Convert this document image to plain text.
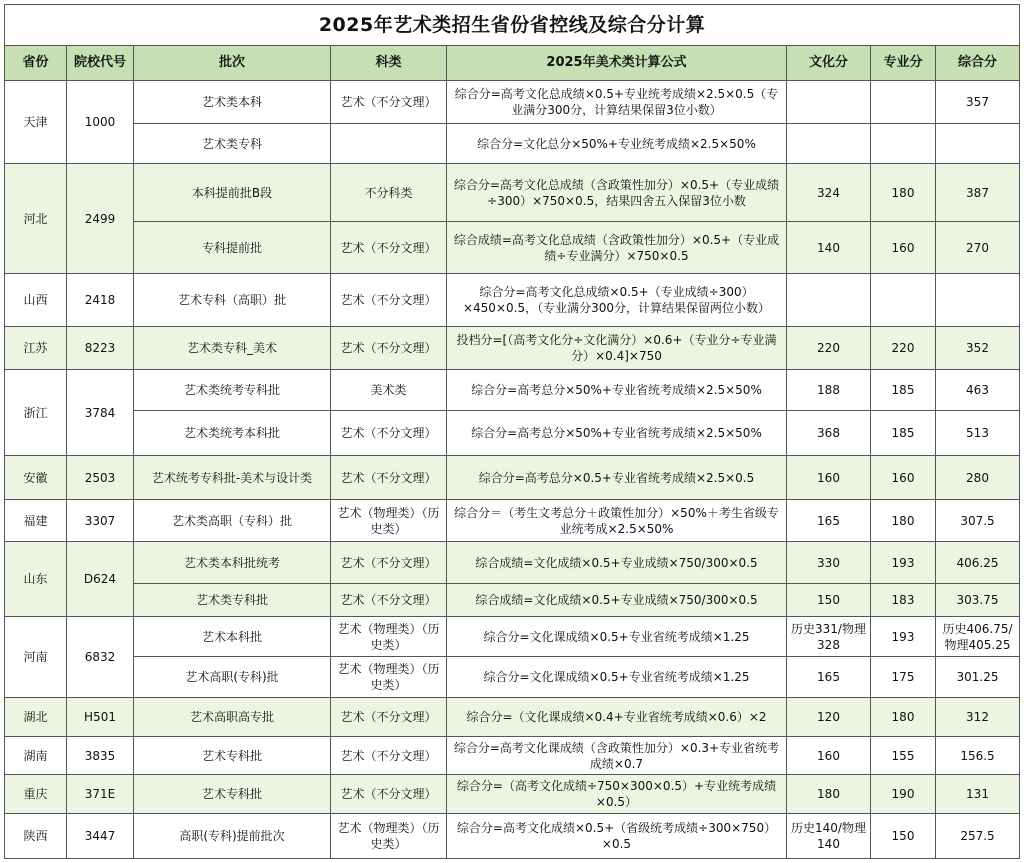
2025年艺术类招生省份省控线及综合分计算							
省份	院校代号	批次	科类	2025年美术类计算公式	文化分	专业分	综合分
天津	1000	艺术类本科	艺术（不分文理）	综合分=高考文化总成绩×0.5+专业统考成绩×2.5×0.5（专业满分300分，计算结果保留3位小数）			357
		艺术类专科		综合分=文化总分×50%+专业统考成绩×2.5×50%			
河北	2499	本科提前批B段	不分科类	综合分=高考文化总成绩（含政策性加分）×0.5+（专业成绩÷300）×750×0.5，结果四舍五入保留3位小数	324	180	387
		专科提前批	艺术（不分文理）	综合成绩=高考文化总成绩（含政策性加分）×0.5+（专业成绩÷专业满分）×750×0.5	140	160	270
山西	2418	艺术专科（高职）批	艺术（不分文理）	综合分=高考文化总成绩×0.5+（专业成绩÷300）×450×0.5，（专业满分300分，计算结果保留两位小数）			
江苏	8223	艺术类专科_美术	艺术（不分文理）	投档分=[（高考文化分÷文化满分）×0.6+（专业分÷专业满分）×0.4]×750	220	220	352
浙江	3784	艺术类统考专科批	美术类	综合分=高考总分×50%+专业省统考成绩×2.5×50%	188	185	463
		艺术类统考本科批	艺术（不分文理）	综合分=高考总分×50%+专业省统考成绩×2.5×50%	368	185	513
安徽	2503	艺术统考专科批-美术与设计类	艺术（不分文理）	综合分=高考总分×0.5+专业省统考成绩×2.5×0.5	160	160	280
福建	3307	艺术类高职（专科）批	艺术（物理类）（历史类）	综合分＝（考生文考总分＋政策性加分）×50%＋考生省级专业统考成×2.5×50%	165	180	307.5
山东	D624	艺术类本科批统考	艺术（不分文理）	综合成绩=文化成绩×0.5+专业成绩×750/300×0.5	330	193	406.25
		艺术类专科批	艺术（不分文理）	综合成绩=文化成绩×0.5+专业成绩×750/300×0.5	150	183	303.75
河南	6832	艺术本科批	艺术（物理类）（历史类）	综合分=文化课成绩×0.5+专业省统考成绩×1.25	历史331/物理328	193	历史406.75/物理405.25
		艺术高职(专科)批	艺术（物理类）（历史类）	综合分=文化课成绩×0.5+专业省统考成绩×1.25	165	175	301.25
湖北	H501	艺术高职高专批	艺术（不分文理）	综合分=（文化课成绩×0.4+专业省统考成绩×0.6）×2	120	180	312
湖南	3835	艺术专科批	艺术（不分文理）	综合分=高考文化课成绩（含政策性加分）×0.3+专业省统考成绩×0.7	160	155	156.5
重庆	371E	艺术专科批	艺术（不分文理）	综合分=（高考文化成绩÷750×300×0.5）+专业统考成绩×0.5）	180	190	131
陕西	3447	高职(专科)提前批次	艺术（物理类）（历史类）	综合分=高考文化成绩×0.5+（省级统考成绩÷300×750）×0.5	历史140/物理140	150	257.5
